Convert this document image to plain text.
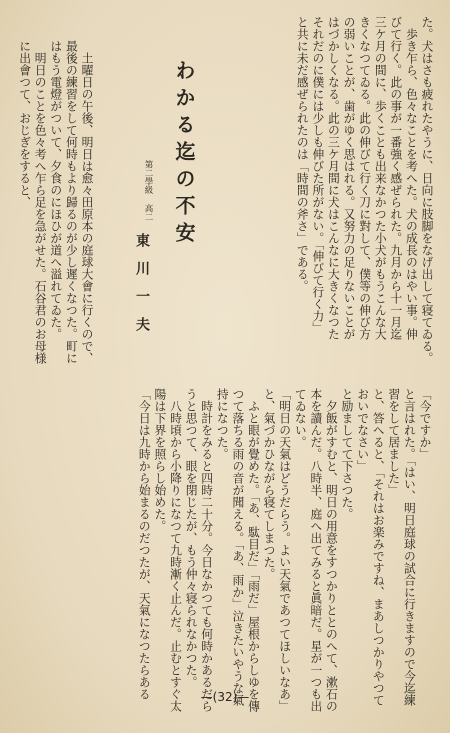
た。犬はさも疲れたやうに、日向に肢脚をなげ出して寝てゐる。
　歩き乍ら、色々なことを考へた。犬の成長のはやい事。伸
びて行く。此の事が一番強く感ぜられた。九月から十一月迄
三ケ月の間に、歩くことも出来なかつた小犬がもうこんな大
きくなつてゐる。此の伸びて行く刀に對して、僕等の伸び方
の弱いことが、歯がゆく思はれる。又努力の足りないことが
はづかしくなる。此の三ケ月間に犬はこんなに大きくなつた
それだのに僕には少しも伸びた所がない。「伸びて行く力」
と共に未だ感ぜられたのは「時間の斧さ」である。
わかる迄の不安
第二學級 高二
東川一夫
　土曜日の午後、明日は愈々田原本の庭球大會に行くので、
最後の練習をして何時もより歸るのが少し遲くなつた。町に
はもう電燈がついて、夕食のにほひが道へ溢れてゐた。
　明日のことを色々考へ乍ら足を急がせた。石谷君のお母様
に出會つて、おじぎをすると、
「今ですか」
と言はれた。「はい、明日庭球の試合に行きますので今迄練
習をして居ました」
と、答へると、「それはお楽みですね、まあしつかりやつて
おいでなさい」
と励ましてて下さつた。
　夕飯がすむと、明日の用意をすつかりととのへて、漱石の
本を讀んだ。八時半、庭へ出てみると眞暗だ。星が一つも出
てゐない。
「明日の天氣はどうだらう。よい天氣であつてほしいなあ」
と、氣づかひながら寝てしまつた。
　ふと眼が覺めた。「あ、駄目だ」「雨だ」屋根からしゆを傳
つて落ちる雨の音が聞える。「あ、雨か」泣きたいやうな氣
持になつた。
　時計をみると四時二十分。今日なかつても何時かあるだら
うと思つて、眼を閉じたが、もう仲々寝られなかつた。
　八時頃から小降りになつて九時漸く止んだ。止むとすぐ太
陽は下界を照らし始めた。
「今日は九時から始まるのだつたが、天氣になつたらある	—(32)—
